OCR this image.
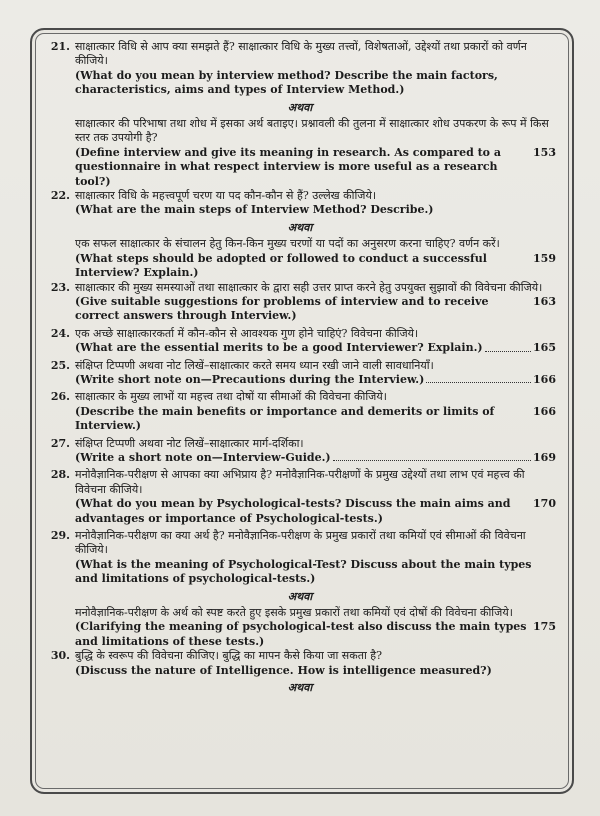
21. साक्षात्कार विधि से आप क्या समझते हैं? साक्षात्कार विधि के मुख्य तत्त्वों, विशेषताओं, उद्देश्यों तथा प्रकारों को वर्णन कीजिये।

(What do you mean by interview method? Describe the main factors, characteristics, aims and types of Interview Method.)

अथवा

साक्षात्कार की परिभाषा तथा शोध में इसका अर्थ बताइए। प्रश्नावली की तुलना में साक्षात्कार शोध उपकरण के रूप में किस स्तर तक उपयोगी है?

(Define interview and give its meaning in research. As compared to a questionnaire in what respect interview is more useful as a research tool?)
153
22. साक्षात्कार विधि के महत्त्वपूर्ण चरण या पद कौन-कौन से हैं? उल्लेख कीजिये।

(What are the main steps of Interview Method? Describe.)

अथवा

एक सफल साक्षात्कार के संचालन हेतु किन-किन मुख्य चरणों या पदों का अनुसरण करना चाहिए? वर्णन करें।

(What steps should be adopted or followed to conduct a successful Interview? Explain.)
159
23. साक्षात्कार की मुख्य समस्याओं तथा साक्षात्कार के द्वारा सही उत्तर प्राप्त करने हेतु उपयुक्त सुझावों की विवेचना कीजिये।

(Give suitable suggestions for problems of interview and to receive correct answers through Interview.)
163
24. एक अच्छे साक्षात्कारकर्ता में कौन-कौन से आवश्यक गुण होने चाहिएं? विवेचना कीजिये।

(What are the essential merits to be a good Interviewer? Explain.)	165
25. संक्षिप्त टिप्पणी अथवा नोट लिखें–साक्षात्कार करते समय ध्यान रखी जाने वाली सावधानियाँ।

(Write short note on—Precautions during the Interview.)	166
26. साक्षात्कार के मुख्य लाभों या महत्त्व तथा दोषों या सीमाओं की विवेचना कीजिये।

(Describe the main benefits or importance and demerits or limits of Interview.)
166
27. संक्षिप्त टिप्पणी अथवा नोट लिखें–साक्षात्कार मार्ग-दर्शिका।

(Write a short note on—Interview-Guide.)	169
28. मनोवैज्ञानिक-परीक्षण से आपका क्या अभिप्राय है? मनोवैज्ञानिक-परीक्षणों के प्रमुख उद्देश्यों तथा लाभ एवं महत्त्व की विवेचना कीजिये।

(What do you mean by Psychological-tests? Discuss the main aims and advantages or importance of Psychological-tests.)
170
29. मनोवैज्ञानिक-परीक्षण का क्या अर्थ है? मनोवैज्ञानिक-परीक्षण के प्रमुख प्रकारों तथा कमियों एवं सीमाओं की विवेचना कीजिये।

(What is the meaning of Psychological-Test? Discuss about the main types and limitations of psychological-tests.)

अथवा

मनोवैज्ञानिक-परीक्षण के अर्थ को स्पष्ट करते हुए इसके प्रमुख प्रकारों तथा कमियों एवं दोषों की विवेचना कीजिये।

(Clarifying the meaning of psychological-test also discuss the main types and limitations of these tests.)
175
30. बुद्धि के स्वरूप की विवेचना कीजिए। बुद्धि का मापन कैसे किया जा सकता है?

(Discuss the nature of Intelligence. How is intelligence measured?)

अथवा
